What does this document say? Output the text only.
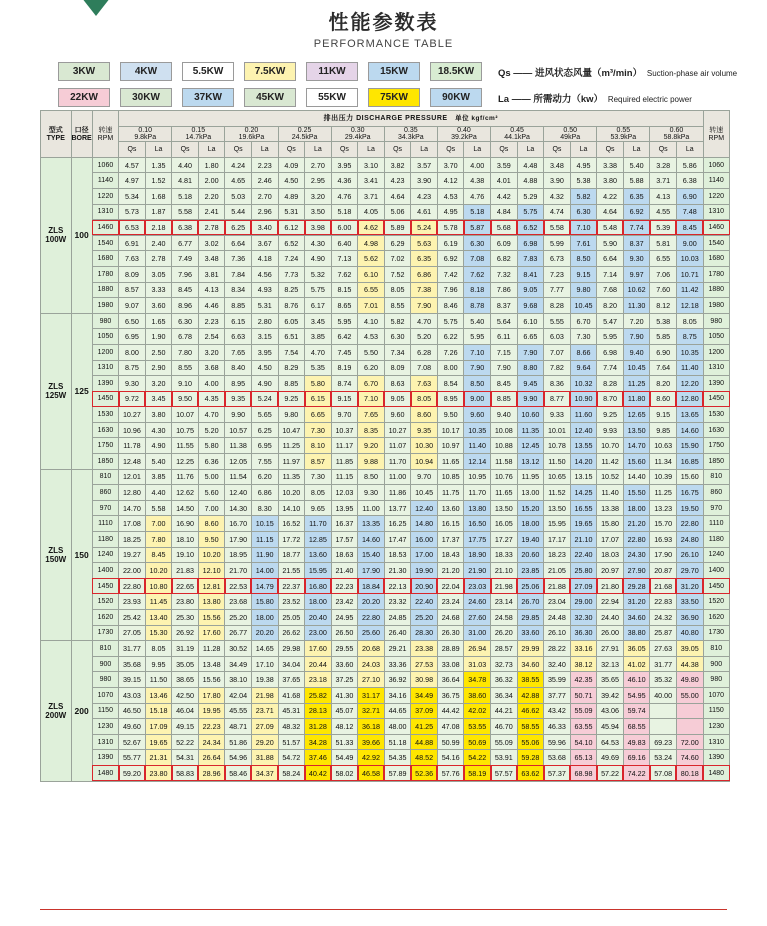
性能参数表
PERFORMANCE TABLE
3KW	4KW	5.5KW	7.5KW	11KW	15KW	18.5KW	Qs —— 进风状态风量（m³/min）　 Suction-phase air volume
22KW	30KW	37KW	45KW	55KW	75KW	90KW	La —— 所需动力（kw）　 Required electric power
型式
TYPE	口径
BORE	转速
RPM	排出压力 DISCHARGE PRESSURE　单位 kgf/cm²																						转速
RPM
			0.10
9.8kPa		0.15
14.7kPa		0.20
19.6kPa		0.25
24.5kPa		0.30
29.4kPa		0.35
34.3kPa		0.40
39.2kPa		0.45
44.1kPa		0.50
49kPa		0.55
53.9kPa		0.60
58.8kPa		
			Qs	La	Qs	La	Qs	La	Qs	La	Qs	La	Qs	La	Qs	La	Qs	La	Qs	La	Qs	La	Qs	La	
ZLS
100W	100	1060	4.57	1.35	4.40	1.80	4.24	2.23	4.09	2.70	3.95	3.10	3.82	3.57	3.70	4.00	3.59	4.48	3.48	4.95	3.38	5.40	3.28	5.86	1060
		1140	4.97	1.52	4.81	2.00	4.65	2.46	4.50	2.95	4.36	3.41	4.23	3.90	4.12	4.38	4.01	4.88	3.90	5.38	3.80	5.88	3.71	6.38	1140
		1220	5.34	1.68	5.18	2.20	5.03	2.70	4.89	3.20	4.76	3.71	4.64	4.23	4.53	4.76	4.42	5.29	4.32	5.82	4.22	6.35	4.13	6.90	1220
		1310	5.73	1.87	5.58	2.41	5.44	2.96	5.31	3.50	5.18	4.05	5.06	4.61	4.95	5.18	4.84	5.75	4.74	6.30	4.64	6.92	4.55	7.48	1310
		1460	6.53	2.18	6.38	2.78	6.25	3.40	6.12	3.98	6.00	4.62	5.89	5.24	5.78	5.87	5.68	6.52	5.58	7.10	5.48	7.74	5.39	8.45	1460
		1540	6.91	2.40	6.77	3.02	6.64	3.67	6.52	4.30	6.40	4.98	6.29	5.63	6.19	6.30	6.09	6.98	5.99	7.61	5.90	8.37	5.81	9.00	1540
		1680	7.63	2.78	7.49	3.48	7.36	4.18	7.24	4.90	7.13	5.62	7.02	6.35	6.92	7.08	6.82	7.83	6.73	8.50	6.64	9.30	6.55	10.03	1680
		1780	8.09	3.05	7.96	3.81	7.84	4.56	7.73	5.32	7.62	6.10	7.52	6.86	7.42	7.62	7.32	8.41	7.23	9.15	7.14	9.97	7.06	10.71	1780
		1880	8.57	3.33	8.45	4.13	8.34	4.93	8.25	5.75	8.15	6.55	8.05	7.38	7.96	8.18	7.86	9.05	7.77	9.80	7.68	10.62	7.60	11.42	1880
		1980	9.07	3.60	8.96	4.46	8.85	5.31	8.76	6.17	8.65	7.01	8.55	7.90	8.46	8.78	8.37	9.68	8.28	10.45	8.20	11.30	8.12	12.18	1980
ZLS
125W	125	980	6.50	1.65	6.30	2.23	6.15	2.80	6.05	3.45	5.95	4.10	5.82	4.70	5.75	5.40	5.64	6.10	5.55	6.70	5.47	7.20	5.38	8.05	980
		1050	6.95	1.90	6.78	2.54	6.63	3.15	6.51	3.85	6.42	4.53	6.30	5.20	6.22	5.95	6.11	6.65	6.03	7.30	5.95	7.90	5.85	8.75	1050
		1200	8.00	2.50	7.80	3.20	7.65	3.95	7.54	4.70	7.45	5.50	7.34	6.28	7.26	7.10	7.15	7.90	7.07	8.66	6.98	9.40	6.90	10.35	1200
		1310	8.75	2.90	8.55	3.68	8.40	4.50	8.29	5.35	8.19	6.20	8.09	7.08	8.00	7.90	7.90	8.80	7.82	9.64	7.74	10.45	7.64	11.40	1310
		1390	9.30	3.20	9.10	4.00	8.95	4.90	8.85	5.80	8.74	6.70	8.63	7.63	8.54	8.50	8.45	9.45	8.36	10.32	8.28	11.25	8.20	12.20	1390
		1450	9.72	3.45	9.50	4.35	9.35	5.24	9.25	6.15	9.15	7.10	9.05	8.05	8.95	9.00	8.85	9.90	8.77	10.90	8.70	11.80	8.60	12.80	1450
		1530	10.27	3.80	10.07	4.70	9.90	5.65	9.80	6.65	9.70	7.65	9.60	8.60	9.50	9.60	9.40	10.60	9.33	11.60	9.25	12.65	9.15	13.65	1530
		1630	10.96	4.30	10.75	5.20	10.57	6.25	10.47	7.30	10.37	8.35	10.27	9.35	10.17	10.35	10.08	11.35	10.01	12.40	9.93	13.50	9.85	14.60	1630
		1750	11.78	4.90	11.55	5.80	11.38	6.95	11.25	8.10	11.17	9.20	11.07	10.30	10.97	11.40	10.88	12.45	10.78	13.55	10.70	14.70	10.63	15.90	1750
		1850	12.48	5.40	12.25	6.36	12.05	7.55	11.97	8.57	11.85	9.88	11.70	10.94	11.65	12.14	11.58	13.12	11.50	14.20	11.42	15.60	11.34	16.85	1850
ZLS
150W	150	810	12.01	3.85	11.76	5.00	11.54	6.20	11.35	7.30	11.15	8.50	11.00	9.70	10.85	10.95	10.76	11.95	10.65	13.15	10.52	14.40	10.39	15.60	810
		860	12.80	4.40	12.62	5.60	12.40	6.86	10.20	8.05	12.03	9.30	11.86	10.45	11.75	11.70	11.65	13.00	11.52	14.25	11.40	15.50	11.25	16.75	860
		970	14.70	5.58	14.50	7.00	14.30	8.30	14.10	9.65	13.95	11.00	13.77	12.40	13.60	13.80	13.50	15.20	13.50	16.55	13.38	18.00	13.23	19.50	970
		1110	17.08	7.00	16.90	8.60	16.70	10.15	16.52	11.70	16.37	13.35	16.25	14.80	16.15	16.50	16.05	18.00	15.95	19.65	15.80	21.20	15.70	22.80	1110
		1180	18.25	7.80	18.10	9.50	17.90	11.15	17.72	12.85	17.57	14.60	17.47	16.00	17.37	17.75	17.27	19.40	17.17	21.10	17.07	22.80	16.93	24.80	1180
		1240	19.27	8.45	19.10	10.20	18.95	11.90	18.77	13.60	18.63	15.40	18.53	17.00	18.43	18.90	18.33	20.60	18.23	22.40	18.03	24.30	17.90	26.10	1240
		1400	22.00	10.20	21.83	12.10	21.70	14.00	21.55	15.95	21.40	17.90	21.30	19.90	21.20	21.90	21.10	23.85	21.05	25.80	20.97	27.90	20.87	29.70	1400
		1450	22.80	10.80	22.65	12.81	22.53	14.79	22.37	16.80	22.23	18.84	22.13	20.90	22.04	23.03	21.98	25.06	21.88	27.09	21.80	29.28	21.68	31.20	1450
		1520	23.93	11.45	23.80	13.80	23.68	15.80	23.52	18.00	23.42	20.20	23.32	22.40	23.24	24.60	23.14	26.70	23.04	29.00	22.94	31.20	22.83	33.50	1520
		1620	25.42	13.40	25.30	15.56	25.20	18.00	25.05	20.40	24.95	22.80	24.85	25.20	24.68	27.60	24.58	29.85	24.48	32.30	24.40	34.60	24.32	36.90	1620
		1730	27.05	15.30	26.92	17.60	26.77	20.20	26.62	23.00	26.50	25.60	26.40	28.30	26.30	31.00	26.20	33.60	26.10	36.30	26.00	38.80	25.87	40.80	1730
ZLS
200W	200	810	31.77	8.05	31.19	11.28	30.52	14.65	29.98	17.60	29.55	20.68	29.21	23.38	28.89	26.94	28.57	29.99	28.22	33.16	27.91	36.05	27.63	39.05	810
		900	35.68	9.95	35.05	13.48	34.49	17.10	34.04	20.44	33.60	24.03	33.36	27.53	33.08	31.03	32.73	34.60	32.40	38.12	32.13	41.02	31.77	44.38	900
		980	39.15	11.50	38.65	15.56	38.10	19.38	37.65	23.18	37.25	27.10	36.92	30.98	36.64	34.78	36.32	38.55	35.99	42.35	35.65	46.10	35.32	49.80	980
		1070	43.03	13.46	42.50	17.80	42.04	21.98	41.68	25.82	41.30	31.17	34.16	34.49	36.75	38.60	36.34	42.88	37.77	50.71	39.42	54.95	40.00	55.00	1070
		1150	46.50	15.18	46.04	19.95	45.55	23.71	45.31	28.13	45.07	32.71	44.65	37.09	44.42	42.02	44.21	46.62	43.42	55.09	43.06	59.74			1150
		1230	49.60	17.09	49.15	22.23	48.71	27.09	48.32	31.28	48.12	36.18	48.00	41.25	47.08	53.55	46.70	58.55	46.33	63.55	45.94	68.55			1230
		1310	52.67	19.65	52.22	24.34	51.86	29.20	51.57	34.28	51.33	39.66	51.18	44.88	50.99	50.69	55.09	55.06	59.96	54.10	64.53	49.83	69.23	72.00	1310
		1390	55.77	21.31	54.31	26.64	54.96	31.88	54.72	37.46	54.49	42.92	54.35	48.52	54.16	54.22	53.91	59.28	53.68	65.13	49.69	69.16	53.24	74.60	1390
		1480	59.20	23.80	58.83	28.96	58.46	34.37	58.24	40.42	58.02	46.58	57.89	52.36	57.76	58.19	57.57	63.62	57.37	68.98	57.22	74.22	57.08	80.18	1480
